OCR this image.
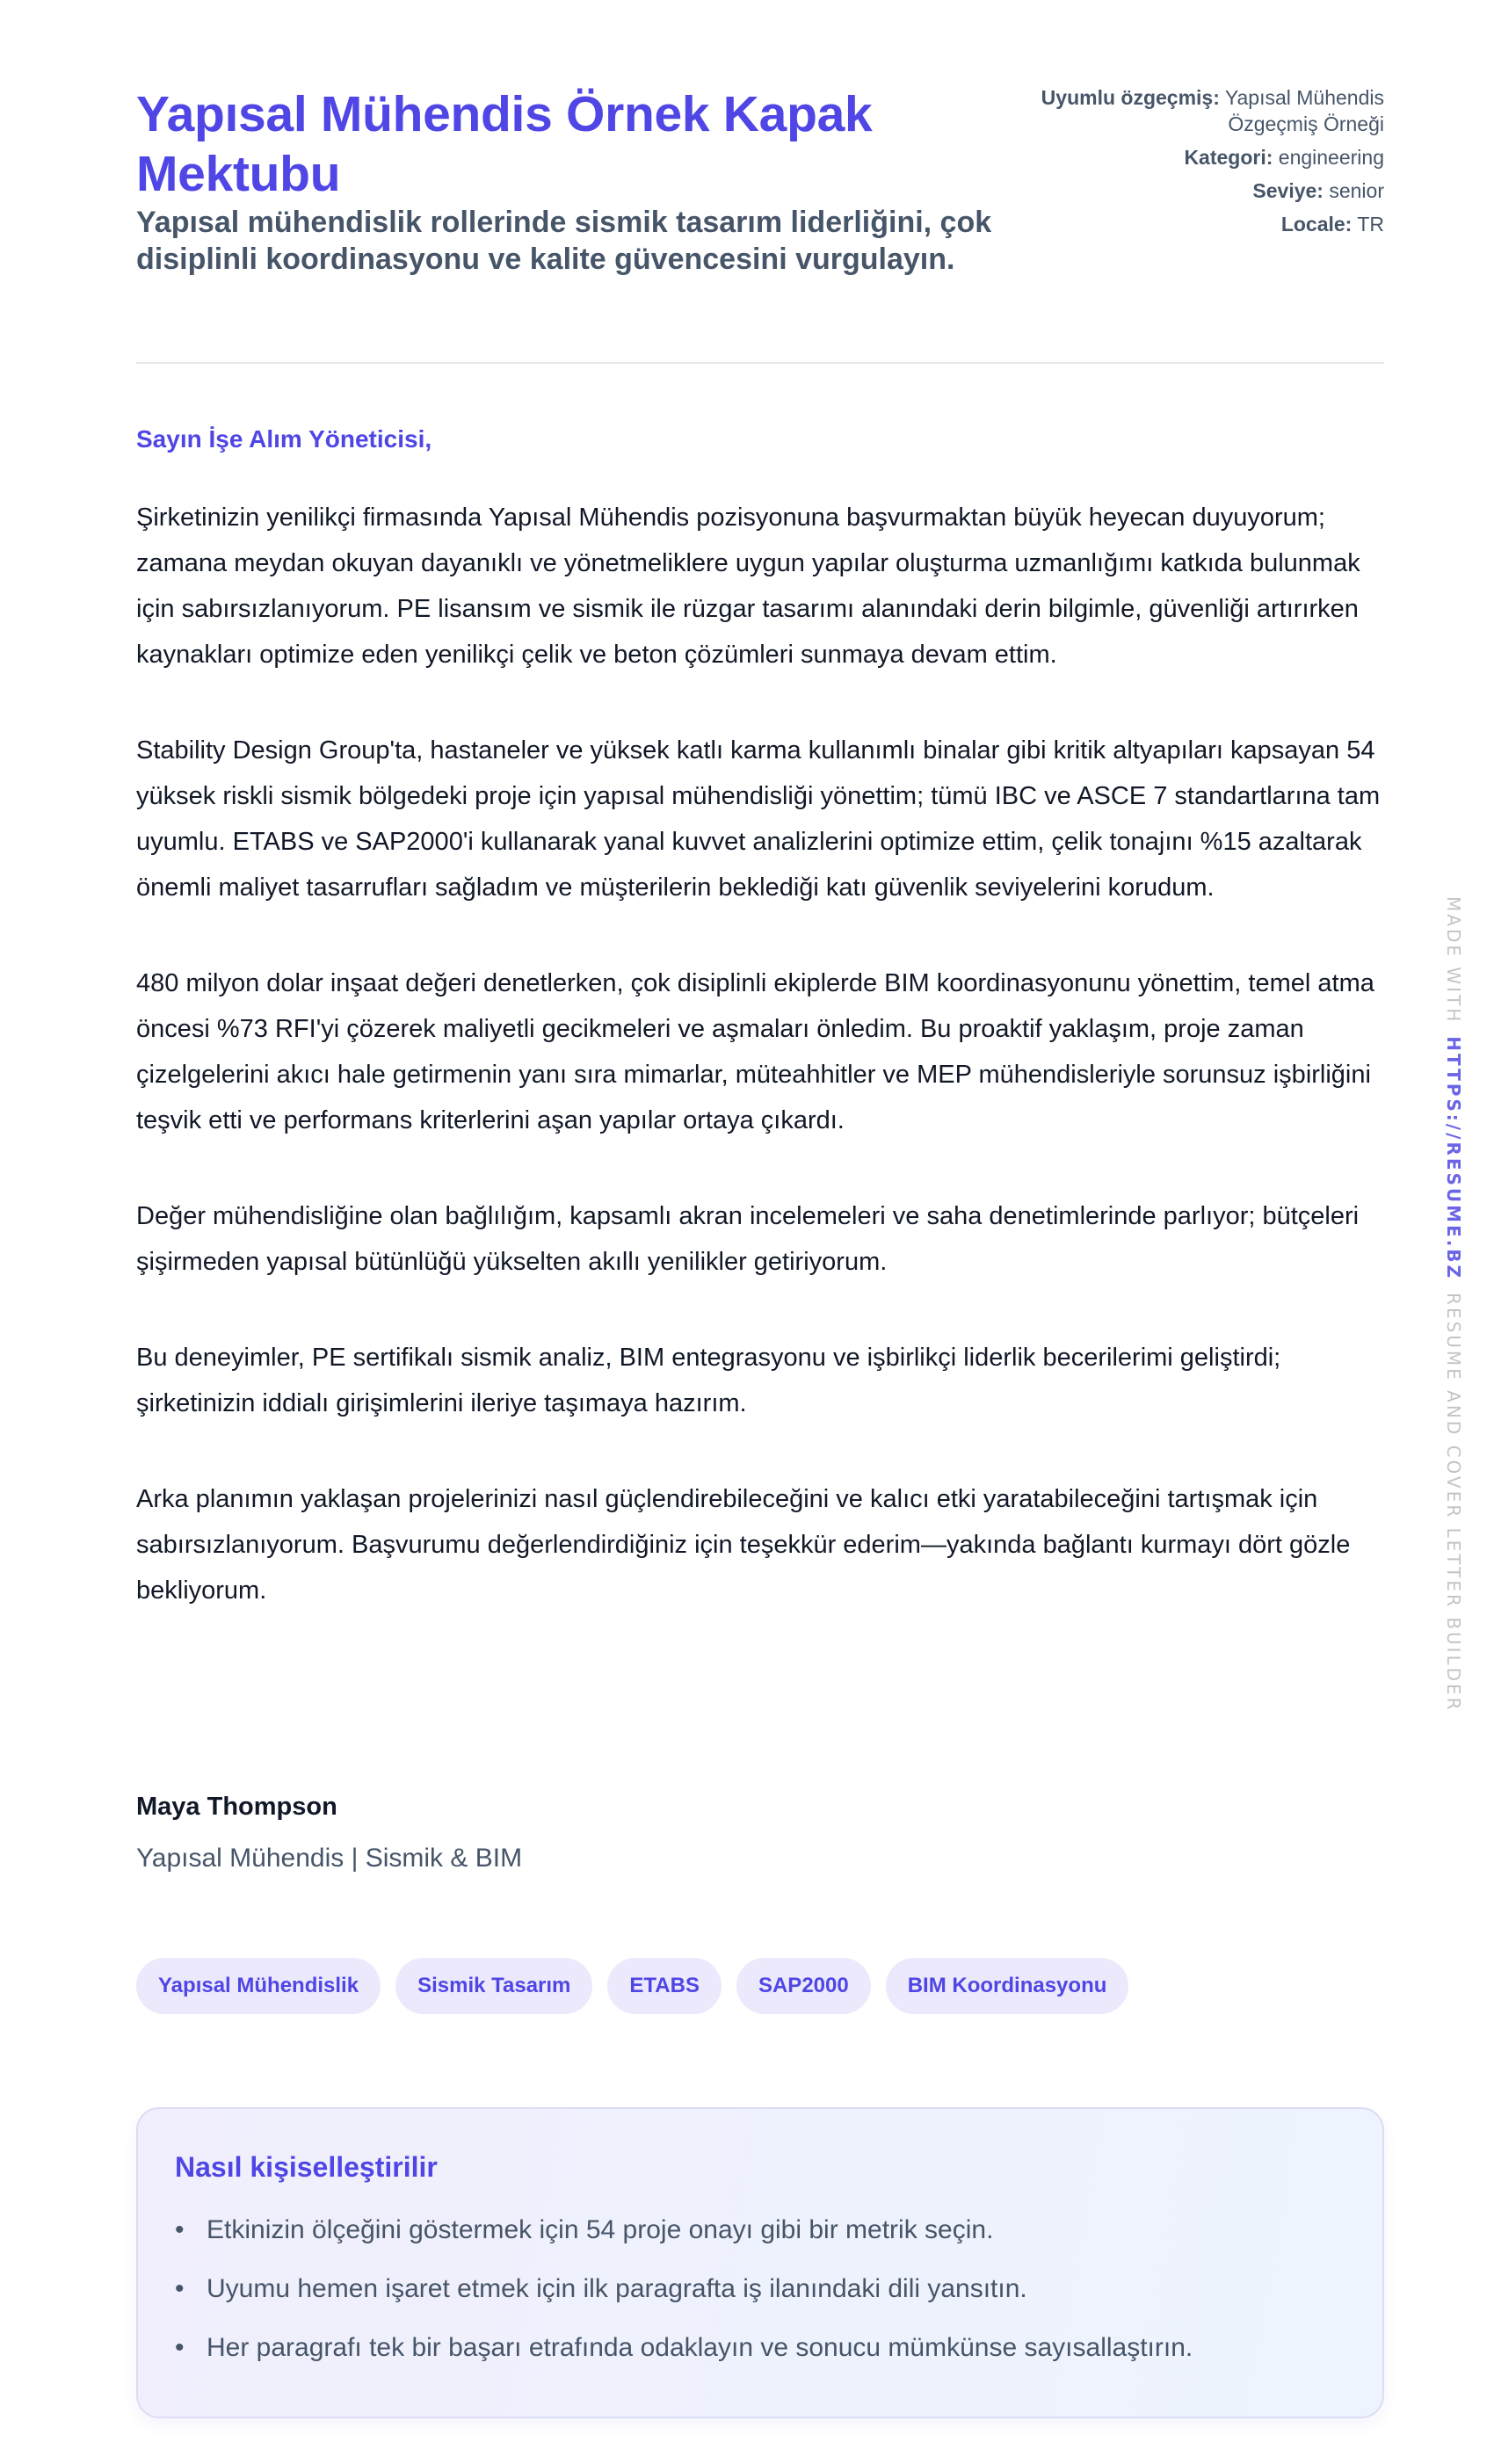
Yapısal Mühendis Örnek Kapak Mektubu
Yapısal mühendislik rollerinde sismik tasarım liderliğini, çok disiplinli koordinasyonu ve kalite güvencesini vurgulayın.
Uyumlu özgeçmiş: Yapısal Mühendis Özgeçmiş Örneği
Kategori: engineering
Seviye: senior
Locale: TR

Sayın İşe Alım Yöneticisi,

Şirketinizin yenilikçi firmasında Yapısal Mühendis pozisyonuna başvurmaktan büyük heyecan duyuyorum; zamana meydan okuyan dayanıklı ve yönetmeliklere uygun yapılar oluşturma uzmanlığımı katkıda bulunmak için sabırsızlanıyorum. PE lisansım ve sismik ile rüzgar tasarımı alanındaki derin bilgimle, güvenliği artırırken kaynakları optimize eden yenilikçi çelik ve beton çözümleri sunmaya devam ettim.

Stability Design Group'ta, hastaneler ve yüksek katlı karma kullanımlı binalar gibi kritik altyapıları kapsayan 54 yüksek riskli sismik bölgedeki proje için yapısal mühendisliği yönettim; tümü IBC ve ASCE 7 standartlarına tam uyumlu. ETABS ve SAP2000'i kullanarak yanal kuvvet analizlerini optimize ettim, çelik tonajını %15 azaltarak önemli maliyet tasarrufları sağladım ve müşterilerin beklediği katı güvenlik seviyelerini korudum.

480 milyon dolar inşaat değeri denetlerken, çok disiplinli ekiplerde BIM koordinasyonunu yönettim, temel atma öncesi %73 RFI'yi çözerek maliyetli gecikmeleri ve aşmaları önledim. Bu proaktif yaklaşım, proje zaman çizelgelerini akıcı hale getirmenin yanı sıra mimarlar, müteahhitler ve MEP mühendisleriyle sorunsuz işbirliğini teşvik etti ve performans kriterlerini aşan yapılar ortaya çıkardı.

Değer mühendisliğine olan bağlılığım, kapsamlı akran incelemeleri ve saha denetimlerinde parlıyor; bütçeleri şişirmeden yapısal bütünlüğü yükselten akıllı yenilikler getiriyorum.

Bu deneyimler, PE sertifikalı sismik analiz, BIM entegrasyonu ve işbirlikçi liderlik becerilerimi geliştirdi; şirketinizin iddialı girişimlerini ileriye taşımaya hazırım.

Arka planımın yaklaşan projelerinizi nasıl güçlendirebileceğini ve kalıcı etki yaratabileceğini tartışmak için sabırsızlanıyorum. Başvurumu değerlendirdiğiniz için teşekkür ederim—yakında bağlantı kurmayı dört gözle bekliyorum.

Maya Thompson
Yapısal Mühendis | Sismik & BIM
Yapısal Mühendislik	Sismik Tasarım	ETABS	SAP2000	BIM Koordinasyonu
Nasıl kişiselleştirilir
• Etkinizin ölçeğini göstermek için 54 proje onayı gibi bir metrik seçin.
• Uyumu hemen işaret etmek için ilk paragrafta iş ilanındaki dili yansıtın.
• Her paragrafı tek bir başarı etrafında odaklayın ve sonucu mümkünse sayısallaştırın.
MADE WITHHTTPS://RESUME.BZRESUME AND COVER LETTER BUILDER
